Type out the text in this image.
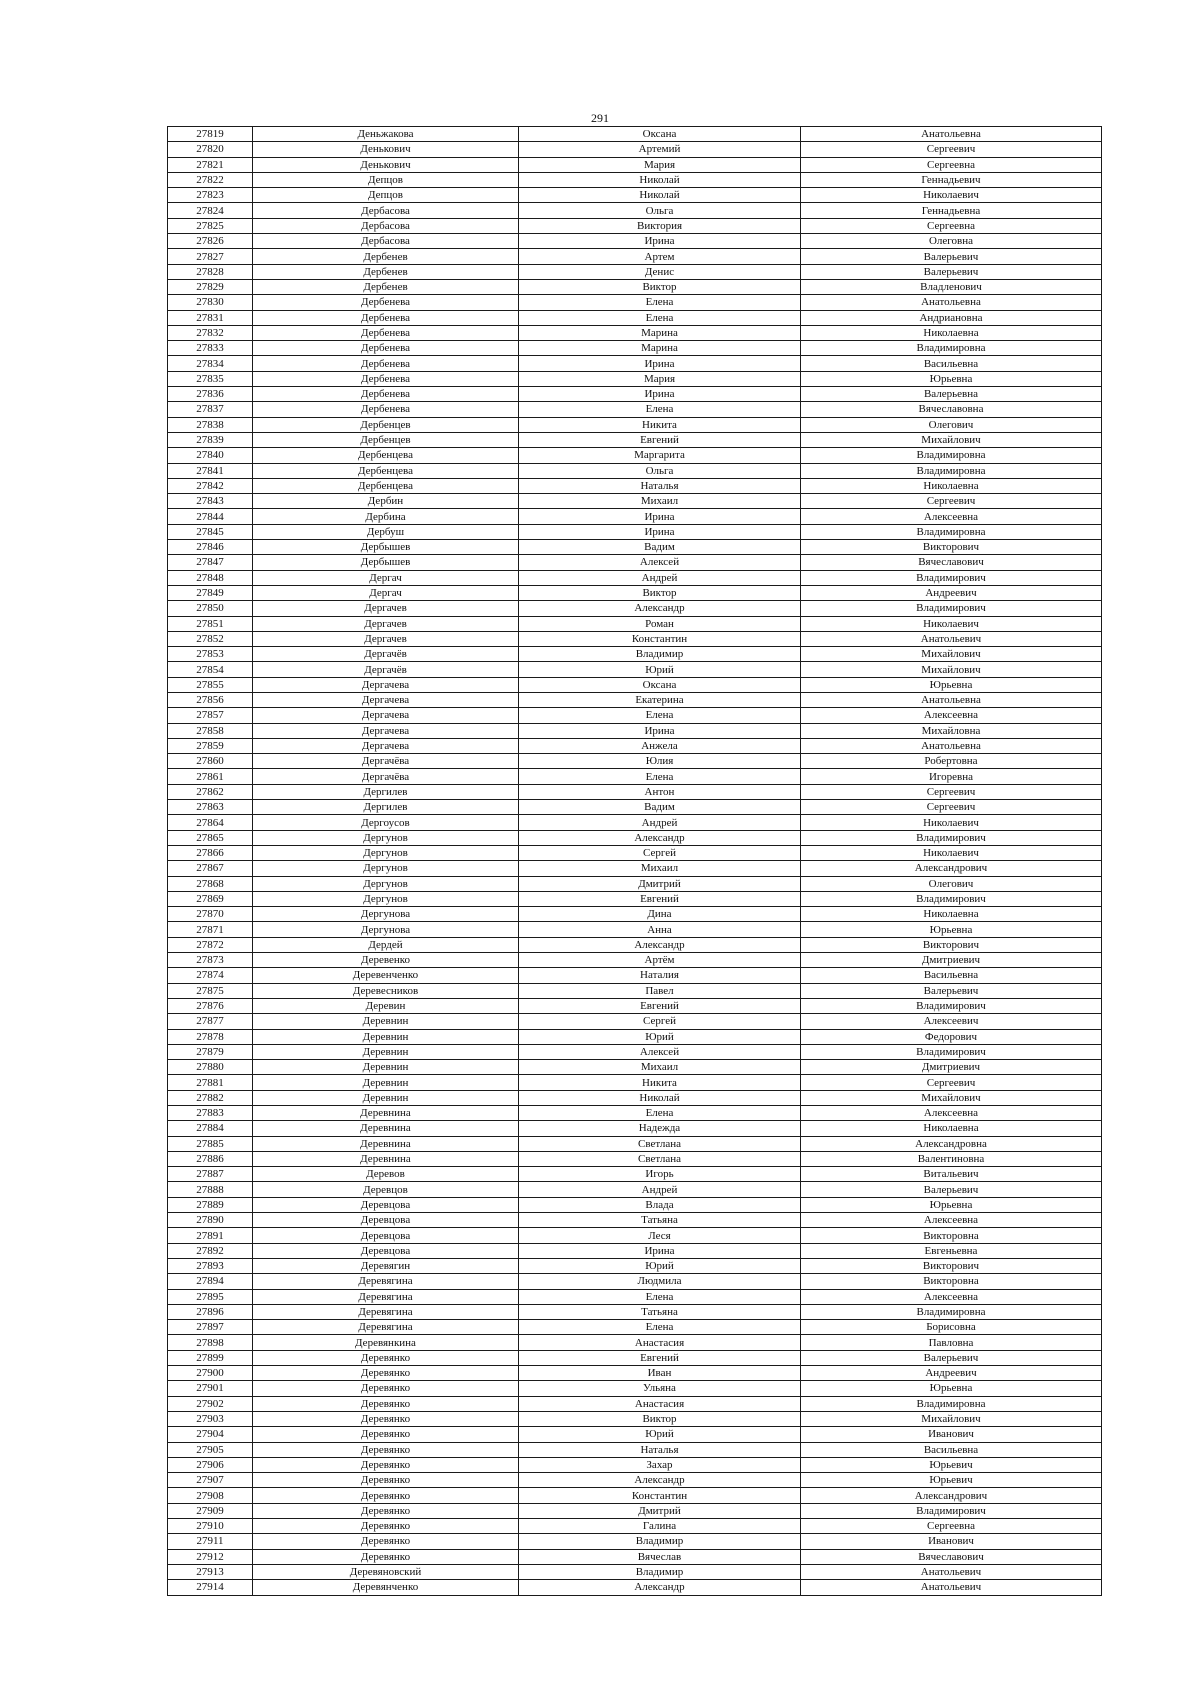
291
27819	Деньжакова	Оксана	Анатольевна
27820	Денькович	Артемий	Сергеевич
27821	Денькович	Мария	Сергеевна
27822	Депцов	Николай	Геннадьевич
27823	Депцов	Николай	Николаевич
27824	Дербасова	Ольга	Геннадьевна
27825	Дербасова	Виктория	Сергеевна
27826	Дербасова	Ирина	Олеговна
27827	Дербенев	Артем	Валерьевич
27828	Дербенев	Денис	Валерьевич
27829	Дербенев	Виктор	Владленович
27830	Дербенева	Елена	Анатольевна
27831	Дербенева	Елена	Андриановна
27832	Дербенева	Марина	Николаевна
27833	Дербенева	Марина	Владимировна
27834	Дербенева	Ирина	Васильевна
27835	Дербенева	Мария	Юрьевна
27836	Дербенева	Ирина	Валерьевна
27837	Дербенева	Елена	Вячеславовна
27838	Дербенцев	Никита	Олегович
27839	Дербенцев	Евгений	Михайлович
27840	Дербенцева	Маргарита	Владимировна
27841	Дербенцева	Ольга	Владимировна
27842	Дербенцева	Наталья	Николаевна
27843	Дербин	Михаил	Сергеевич
27844	Дербина	Ирина	Алексеевна
27845	Дербуш	Ирина	Владимировна
27846	Дербышев	Вадим	Викторович
27847	Дербышев	Алексей	Вячеславович
27848	Дергач	Андрей	Владимирович
27849	Дергач	Виктор	Андреевич
27850	Дергачев	Александр	Владимирович
27851	Дергачев	Роман	Николаевич
27852	Дергачев	Константин	Анатольевич
27853	Дергачёв	Владимир	Михайлович
27854	Дергачёв	Юрий	Михайлович
27855	Дергачева	Оксана	Юрьевна
27856	Дергачева	Екатерина	Анатольевна
27857	Дергачева	Елена	Алексеевна
27858	Дергачева	Ирина	Михайловна
27859	Дергачева	Анжела	Анатольевна
27860	Дергачёва	Юлия	Робертовна
27861	Дергачёва	Елена	Игоревна
27862	Дергилев	Антон	Сергеевич
27863	Дергилев	Вадим	Сергеевич
27864	Дергоусов	Андрей	Николаевич
27865	Дергунов	Александр	Владимирович
27866	Дергунов	Сергей	Николаевич
27867	Дергунов	Михаил	Александрович
27868	Дергунов	Дмитрий	Олегович
27869	Дергунов	Евгений	Владимирович
27870	Дергунова	Дина	Николаевна
27871	Дергунова	Анна	Юрьевна
27872	Дердей	Александр	Викторович
27873	Деревенко	Артём	Дмитриевич
27874	Деревенченко	Наталия	Васильевна
27875	Деревесников	Павел	Валерьевич
27876	Деревин	Евгений	Владимирович
27877	Деревнин	Сергей	Алексеевич
27878	Деревнин	Юрий	Федорович
27879	Деревнин	Алексей	Владимирович
27880	Деревнин	Михаил	Дмитриевич
27881	Деревнин	Никита	Сергеевич
27882	Деревнин	Николай	Михайлович
27883	Деревнина	Елена	Алексеевна
27884	Деревнина	Надежда	Николаевна
27885	Деревнина	Светлана	Александровна
27886	Деревнина	Светлана	Валентиновна
27887	Деревов	Игорь	Витальевич
27888	Деревцов	Андрей	Валерьевич
27889	Деревцова	Влада	Юрьевна
27890	Деревцова	Татьяна	Алексеевна
27891	Деревцова	Леся	Викторовна
27892	Деревцова	Ирина	Евгеньевна
27893	Деревягин	Юрий	Викторович
27894	Деревягина	Людмила	Викторовна
27895	Деревягина	Елена	Алексеевна
27896	Деревягина	Татьяна	Владимировна
27897	Деревягина	Елена	Борисовна
27898	Деревянкина	Анастасия	Павловна
27899	Деревянко	Евгений	Валерьевич
27900	Деревянко	Иван	Андреевич
27901	Деревянко	Ульяна	Юрьевна
27902	Деревянко	Анастасия	Владимировна
27903	Деревянко	Виктор	Михайлович
27904	Деревянко	Юрий	Иванович
27905	Деревянко	Наталья	Васильевна
27906	Деревянко	Захар	Юрьевич
27907	Деревянко	Александр	Юрьевич
27908	Деревянко	Константин	Александрович
27909	Деревянко	Дмитрий	Владимирович
27910	Деревянко	Галина	Сергеевна
27911	Деревянко	Владимир	Иванович
27912	Деревянко	Вячеслав	Вячеславович
27913	Деревяновский	Владимир	Анатольевич
27914	Деревянченко	Александр	Анатольевич
